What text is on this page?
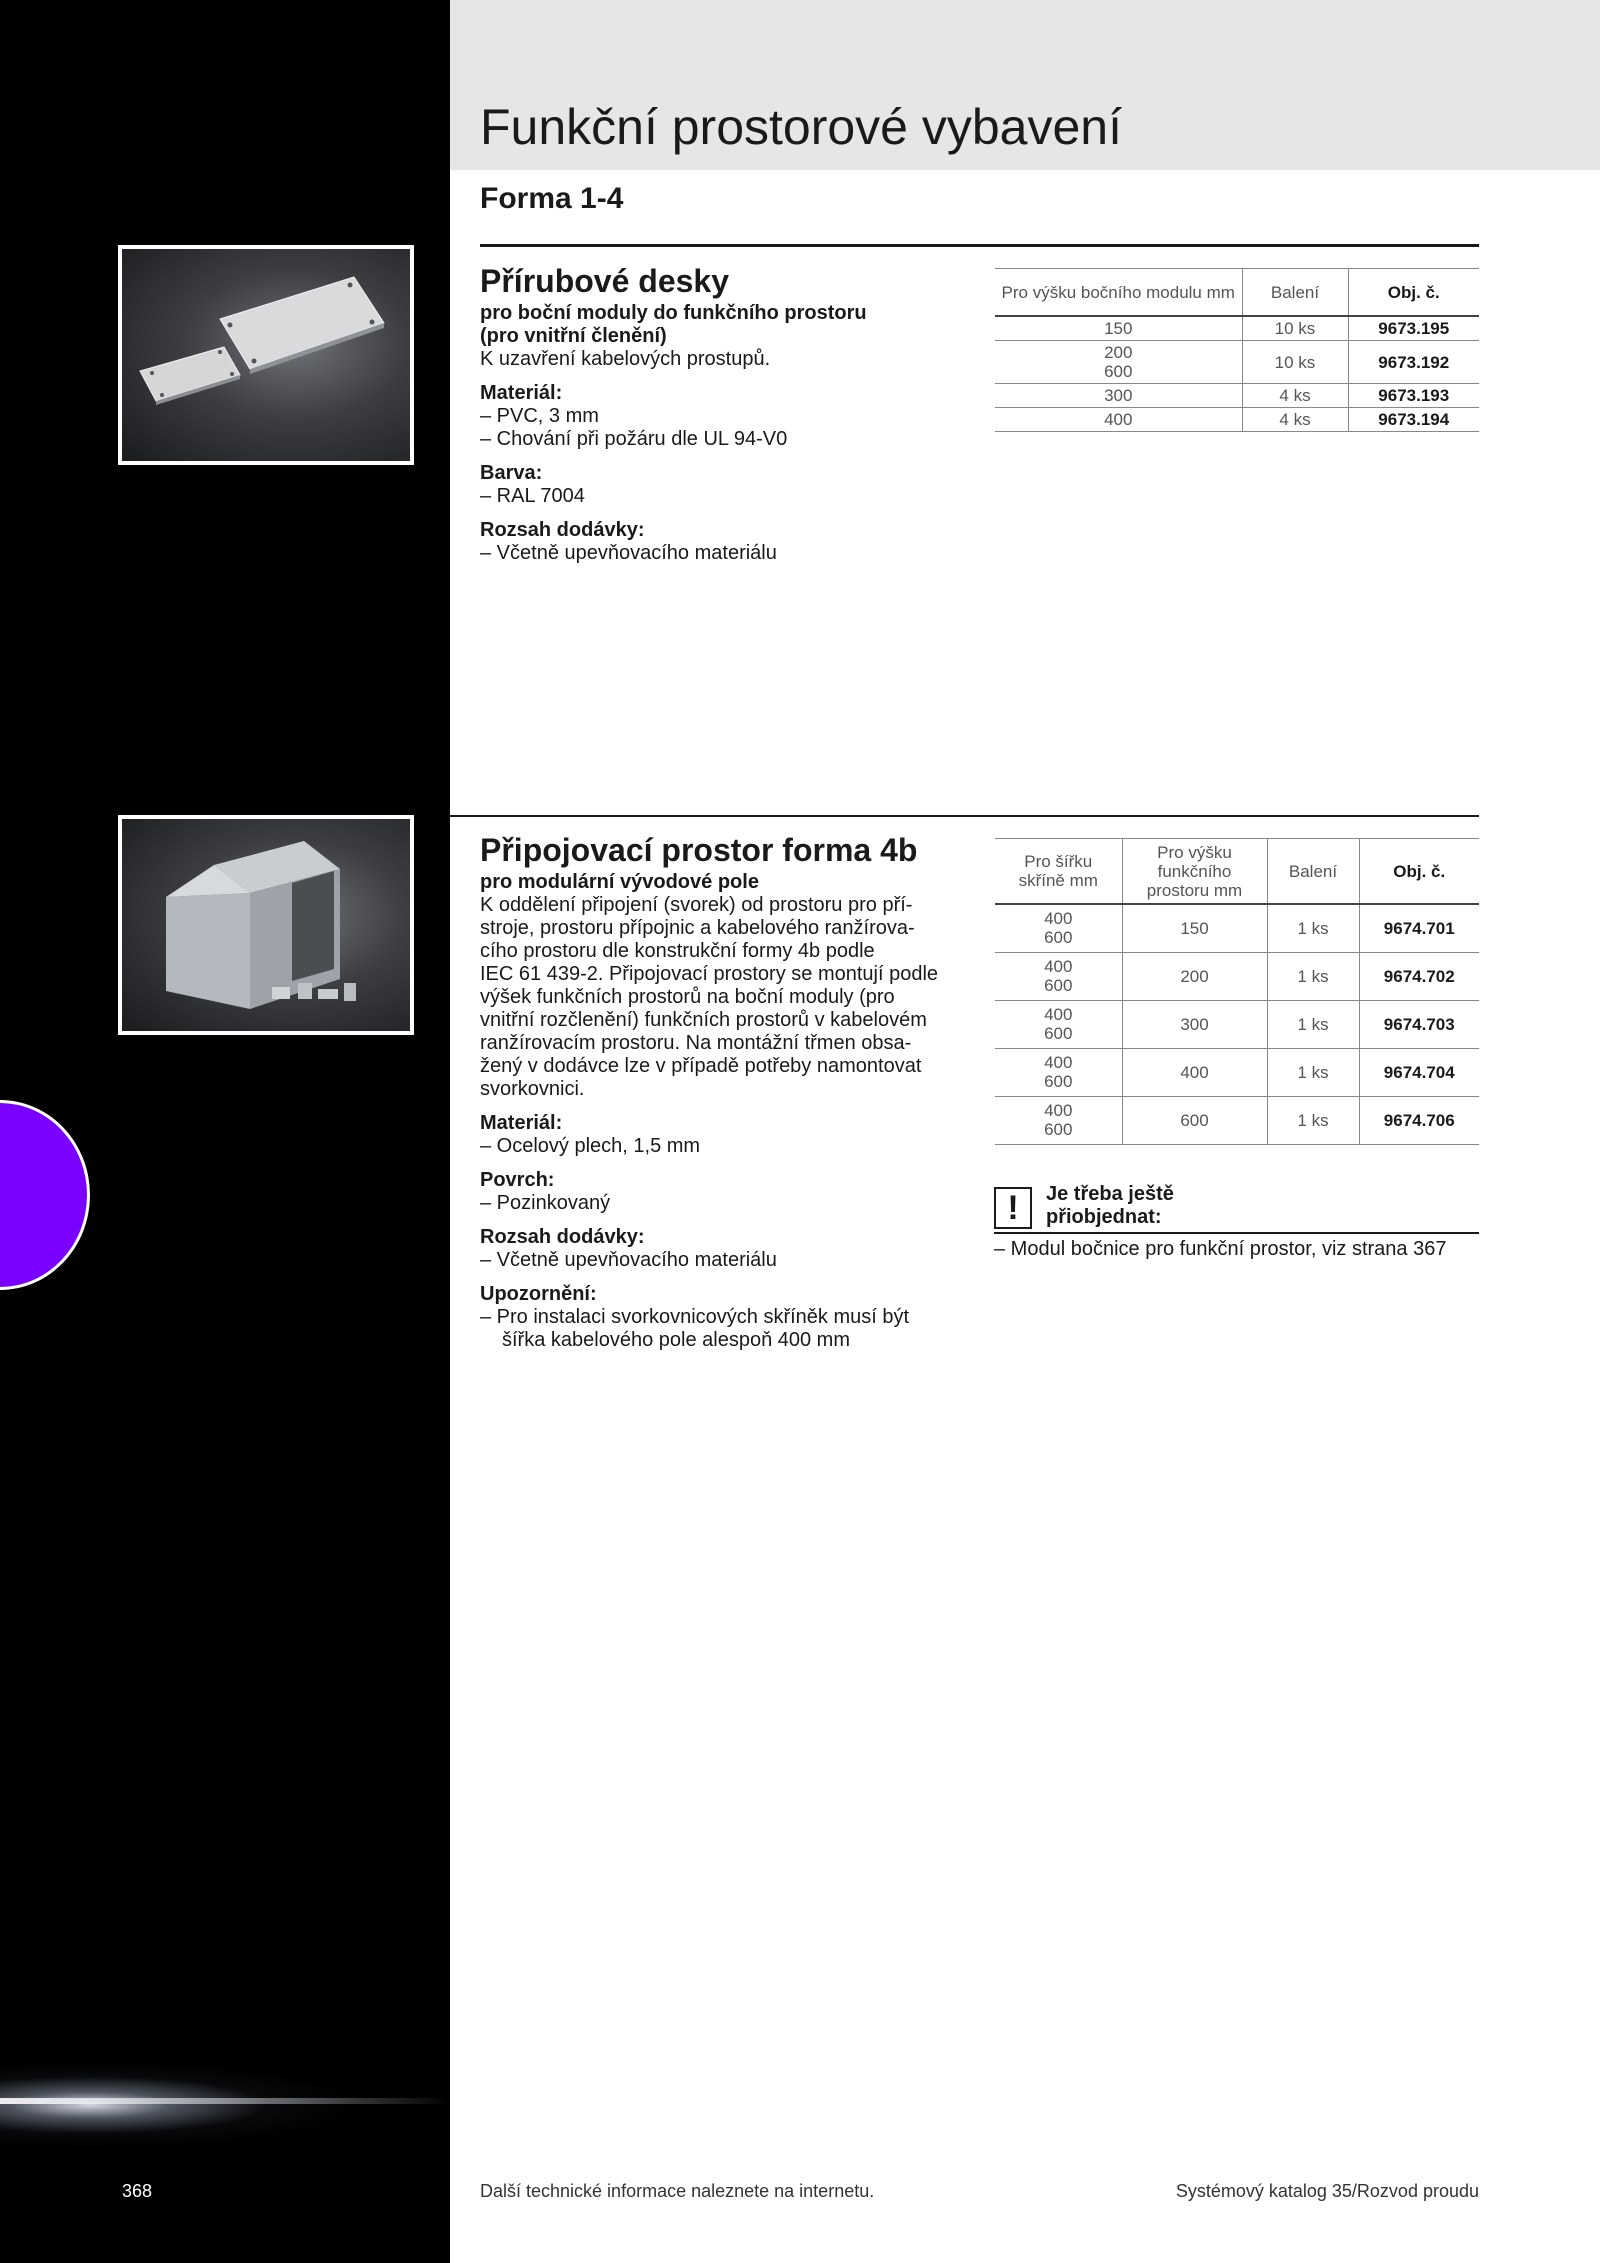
Funkční prostorové vybavení
Forma 1-4
Přírubové desky
pro boční moduly do funkčního prostoru
(pro vnitřní členění)
K uzavření kabelových prostupů.
Materiál:
– PVC, 3 mm
– Chování při požáru dle UL 94-V0
Barva:
– RAL 7004
Rozsah dodávky:
– Včetně upevňovacího materiálu
Pro výšku bočního modulu mm	Balení	Obj. č.
150	10 ks	9673.195
200
600	10 ks	9673.192
300	4 ks	9673.193
400	4 ks	9673.194
Připojovací prostor forma 4b
pro modulární vývodové pole
K oddělení připojení (svorek) od prostoru pro pří-
stroje, prostoru přípojnic a kabelového ranžírova-
cího prostoru dle konstrukční formy 4b podle
IEC 61 439-2. Připojovací prostory se montují podle
výšek funkčních prostorů na boční moduly (pro
vnitřní rozčlenění) funkčních prostorů v kabelovém
ranžírovacím prostoru. Na montážní třmen obsa-
žený v dodávce lze v případě potřeby namontovat
svorkovnici.
Materiál:
– Ocelový plech, 1,5 mm
Povrch:
– Pozinkovaný
Rozsah dodávky:
– Včetně upevňovacího materiálu
Upozornění:
– Pro instalaci svorkovnicových skříněk musí být
šířka kabelového pole alespoň 400 mm
Pro šířku skříně mm	Pro výšku funkčního prostoru mm	Balení	Obj. č.
400
600	150	1 ks	9674.701
400
600	200	1 ks	9674.702
400
600	300	1 ks	9674.703
400
600	400	1 ks	9674.704
400
600	600	1 ks	9674.706
!	Je třeba ještě
přiobjednat:
– Modul bočnice pro funkční prostor, viz strana 367
368	Další technické informace naleznete na internetu.	Systémový katalog 35/Rozvod proudu
